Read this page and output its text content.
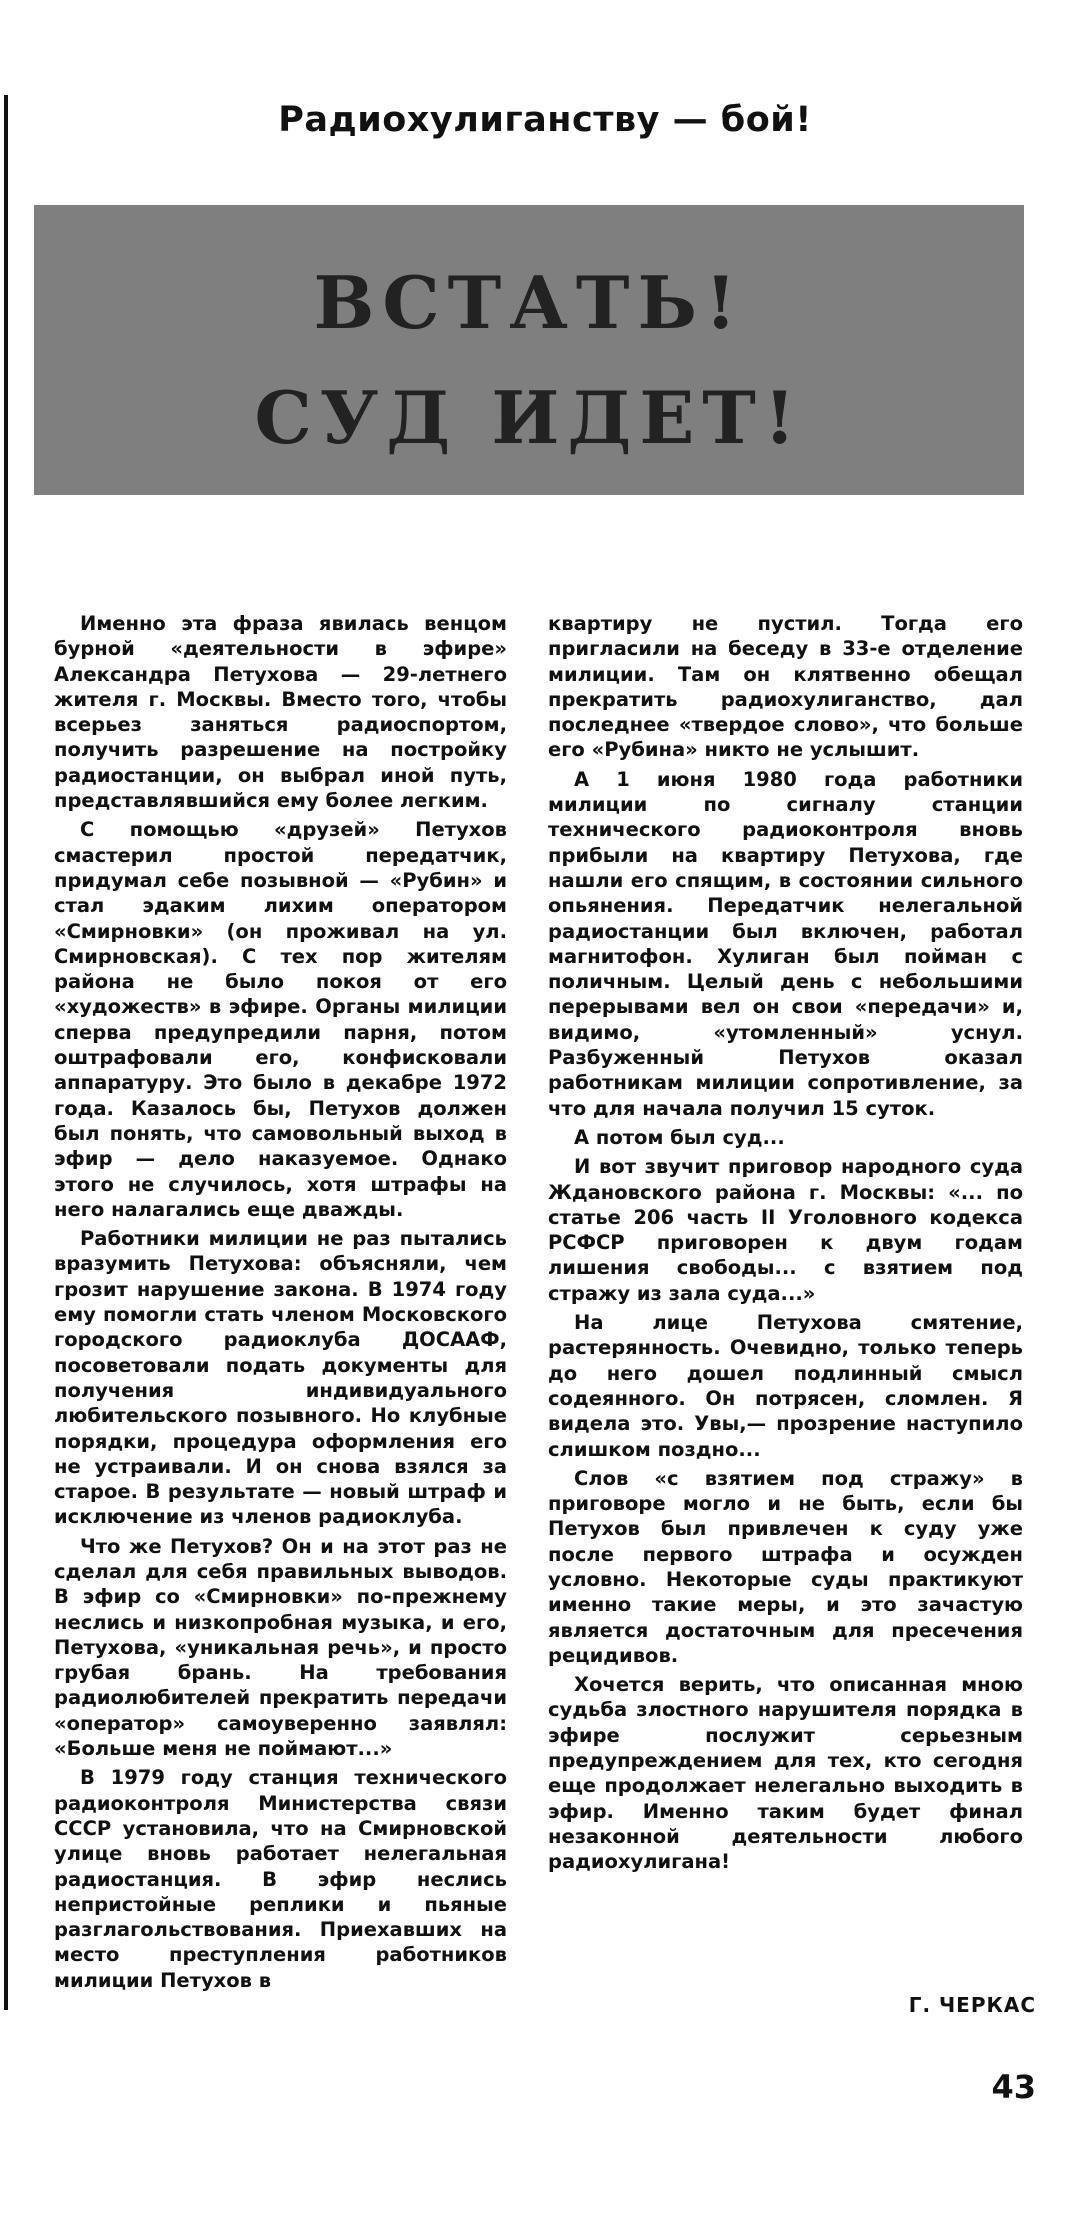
Радиохулиганству — бой!
ВСТАТЬ!
СУД ИДЕТ!

Именно эта фраза явилась венцом бурной «деятельности в эфире» Александра Петухова — 29-летнего жителя г. Москвы. Вместо того, чтобы всерьез заняться радиоспортом, получить разрешение на постройку радиостанции, он выбрал иной путь, представлявшийся ему более легким.

С помощью «друзей» Петухов смастерил простой передатчик, придумал себе позывной — «Рубин» и стал эдаким лихим оператором «Смирновки» (он проживал на ул. Смирновская). С тех пор жителям района не было покоя от его «художеств» в эфире. Органы милиции сперва предупредили парня, потом оштрафовали его, конфисковали аппаратуру. Это было в декабре 1972 года. Казалось бы, Петухов должен был понять, что самовольный выход в эфир — дело наказуемое. Однако этого не случилось, хотя штрафы на него налагались еще дважды.

Работники милиции не раз пытались вразумить Петухова: объясняли, чем грозит нарушение закона. В 1974 году ему помогли стать членом Московского городского радиоклуба ДОСААФ, посоветовали подать документы для получения индивидуального любительского позывного. Но клубные порядки, процедура оформления его не устраивали. И он снова взялся за старое. В результате — новый штраф и исключение из членов радиоклуба.

Что же Петухов? Он и на этот раз не сделал для себя правильных выводов. В эфир со «Смирновки» по-прежнему неслись и низкопробная музыка, и его, Петухова, «уникальная речь», и просто грубая брань. На требования радиолюбителей прекратить передачи «оператор» самоуверенно заявлял: «Больше меня не поймают...»

В 1979 году станция технического радиоконтроля Министерства связи СССР установила, что на Смирновской улице вновь работает нелегальная радиостанция. В эфир неслись непристойные реплики и пьяные разглагольствования. Приехавших на место преступления работников милиции Петухов в

квартиру не пустил. Тогда его пригласили на беседу в 33-е отделение милиции. Там он клятвенно обещал прекратить радиохулиганство, дал последнее «твердое слово», что больше его «Рубина» никто не услышит.

А 1 июня 1980 года работники милиции по сигналу станции технического радиоконтроля вновь прибыли на квартиру Петухова, где нашли его спящим, в состоянии сильного опьянения. Передатчик нелегальной радиостанции был включен, работал магнитофон. Хулиган был пойман с поличным. Целый день с небольшими перерывами вел он свои «передачи» и, видимо, «утомленный» уснул. Разбуженный Петухов оказал работникам милиции сопротивление, за что для начала получил 15 суток.

А потом был суд...

И вот звучит приговор народного суда Ждановского района г. Москвы: «... по статье 206 часть II Уголовного кодекса РСФСР приговорен к двум годам лишения свободы... с взятием под стражу из зала суда...»

На лице Петухова смятение, растерянность. Очевидно, только теперь до него дошел подлинный смысл содеянного. Он потрясен, сломлен. Я видела это. Увы,— прозрение наступило слишком поздно...

Слов «с взятием под стражу» в приговоре могло и не быть, если бы Петухов был привлечен к суду уже после первого штрафа и осужден условно. Некоторые суды практикуют именно такие меры, и это зачастую является достаточным для пресечения рецидивов.

Хочется верить, что описанная мною судьба злостного нарушителя порядка в эфире послужит серьезным предупреждением для тех, кто сегодня еще продолжает нелегально выходить в эфир. Именно таким будет финал незаконной деятельности любого радиохулигана!

Г. ЧЕРКАС
43
